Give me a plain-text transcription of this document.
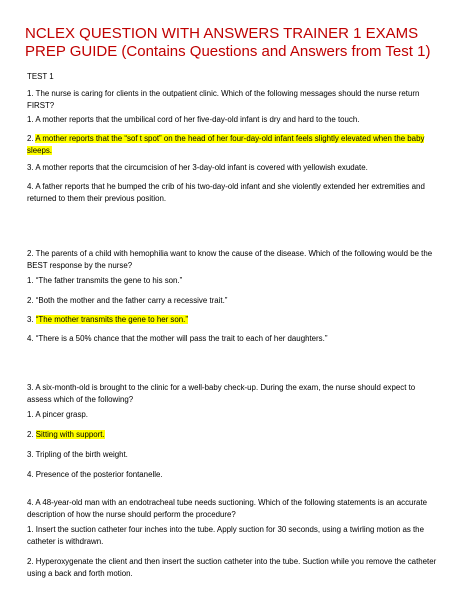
NCLEX QUESTION WITH ANSWERS TRAINER 1 EXAMS PREP GUIDE (Contains Questions and Answers from Test 1)

TEST 1

1. The nurse is caring for clients in the outpatient clinic. Which of the following messages should the nurse return FIRST?

1. A mother reports that the umbilical cord of her five-day-old infant is dry and hard to the touch.

2. A mother reports that the “sof t spot” on the head of her four-day-old infant feels slightly elevated when the baby sleeps.

3. A mother reports that the circumcision of her 3-day-old infant is covered with yellowish exudate.

4. A father reports that he bumped the crib of his two-day-old infant and she violently extended her extremities and returned to them their previous position.

2. The parents of a child with hemophilia want to know the cause of the disease. Which of the following would be the BEST response by the nurse?

1. “The father transmits the gene to his son.”

2. “Both the mother and the father carry a recessive trait.”

3. “The mother transmits the gene to her son.”

4. “There is a 50% chance that the mother will pass the trait to each of her daughters.”

3. A six-month-old is brought to the clinic for a well-baby check-up. During the exam, the nurse should expect to assess which of the following?

1. A pincer grasp.

2. Sitting with support.

3. Tripling of the birth weight.

4. Presence of the posterior fontanelle.

4. A 48-year-old man with an endotracheal tube needs suctioning. Which of the following statements is an accurate description of how the nurse should perform the procedure?

1. Insert the suction catheter four inches into the tube. Apply suction for 30 seconds, using a twirling motion as the catheter is withdrawn.

2. Hyperoxygenate the client and then insert the suction catheter into the tube. Suction while you remove the catheter using a back and forth motion.
